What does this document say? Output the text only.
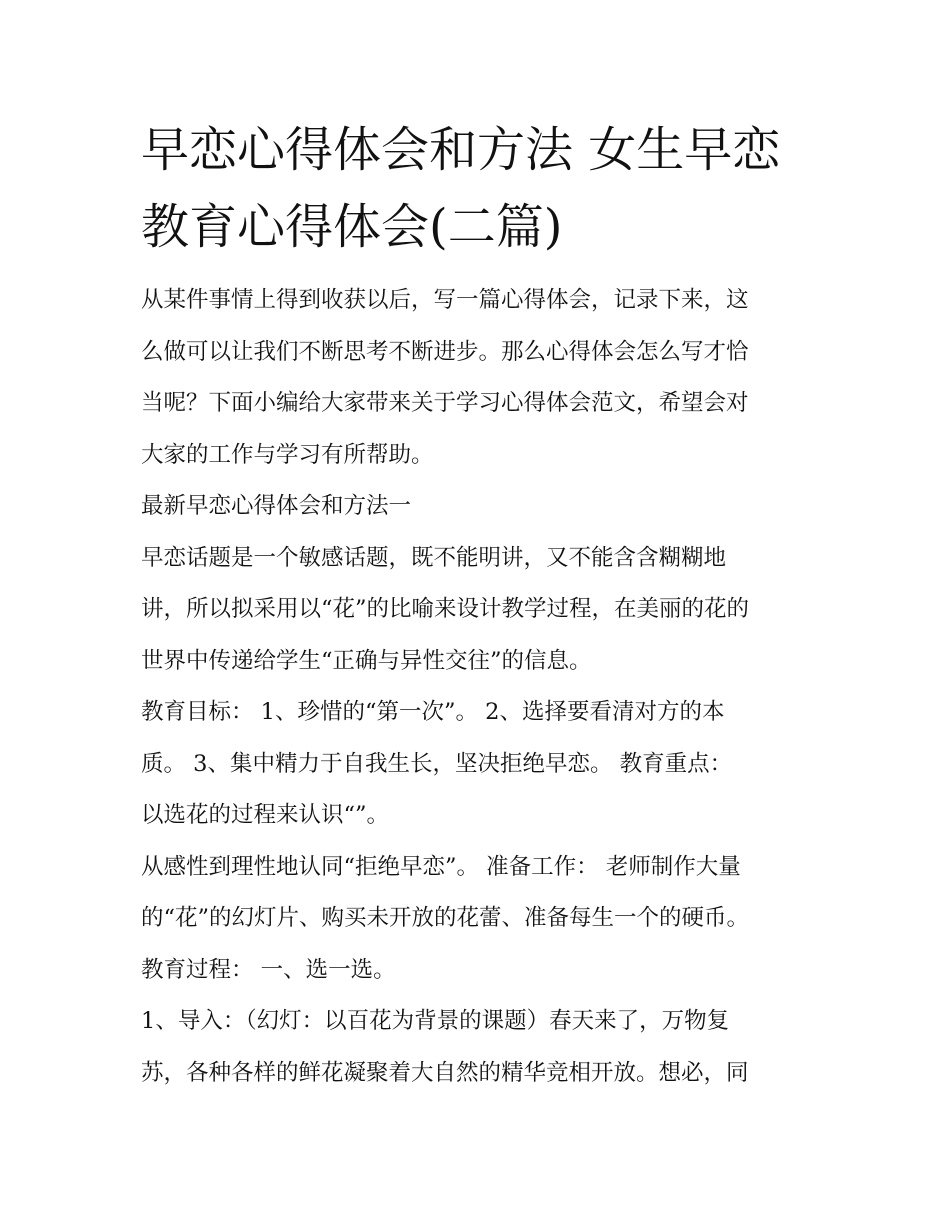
早恋心得体会和方法 女生早恋
教育心得体会(二篇)

从某件事情上得到收获以后，写一篇心得体会，记录下来，这
么做可以让我们不断思考不断进步。那么心得体会怎么写才恰
当呢？下面小编给大家带来关于学习心得体会范文，希望会对
大家的工作与学习有所帮助。

最新早恋心得体会和方法一

早恋话题是一个敏感话题，既不能明讲，又不能含含糊糊地
讲，所以拟采用以“花”的比喻来设计教学过程，在美丽的花的
世界中传递给学生“正确与异性交往”的信息。

教育目标： 1、珍惜的“第一次”。 2、选择要看清对方的本
质。 3、集中精力于自我生长，坚决拒绝早恋。 教育重点：
以选花的过程来认识“”。

从感性到理性地认同“拒绝早恋”。 准备工作： 老师制作大量
的“花”的幻灯片、购买未开放的花蕾、准备每生一个的硬币。
教育过程： 一、选一选。

1、导入：（幻灯：以百花为背景的课题）春天来了，万物复
苏，各种各样的鲜花凝聚着大自然的精华竞相开放。想必，同
